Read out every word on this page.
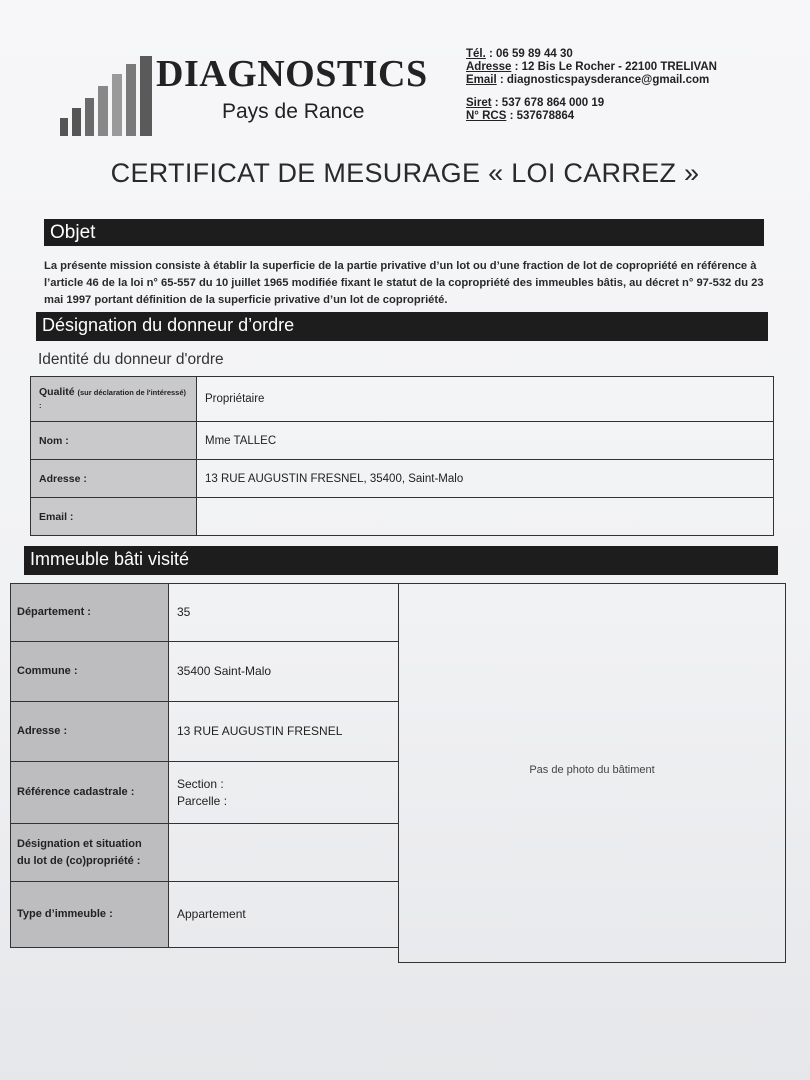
DIAGNOSTICS
Pays de Rance
Tél. : 06 59 89 44 30
Adresse : 12 Bis Le Rocher - 22100 TRELIVAN
Email : diagnosticspaysderance@gmail.com
Siret : 537 678 864 000 19
N° RCS : 537678864
CERTIFICAT DE MESURAGE « LOI CARREZ »
Objet
La présente mission consiste à établir la superficie de la partie privative d’un lot ou d’une fraction de lot de copropriété en référence à l’article 46 de la loi n° 65-557 du 10 juillet 1965 modifiée fixant le statut de la copropriété des immeubles bâtis, au décret n° 97-532 du 23 mai 1997 portant définition de la superficie privative d’un lot de copropriété.
Désignation du donneur d’ordre
Identité du donneur d'ordre
Qualité (sur déclaration de l'intéressé) :	Propriétaire
Nom :	Mme TALLEC
Adresse :	13 RUE AUGUSTIN FRESNEL, 35400, Saint-Malo
Email :	
Immeuble bâti visité
Département :	35
Commune :	35400 Saint-Malo
Adresse :	13 RUE AUGUSTIN FRESNEL
Référence cadastrale :	Section :
Parcelle :

Désignation et situation
du lot de (co)propriété :	

Type d’immeuble :	Appartement
Pas de photo du bâtiment
